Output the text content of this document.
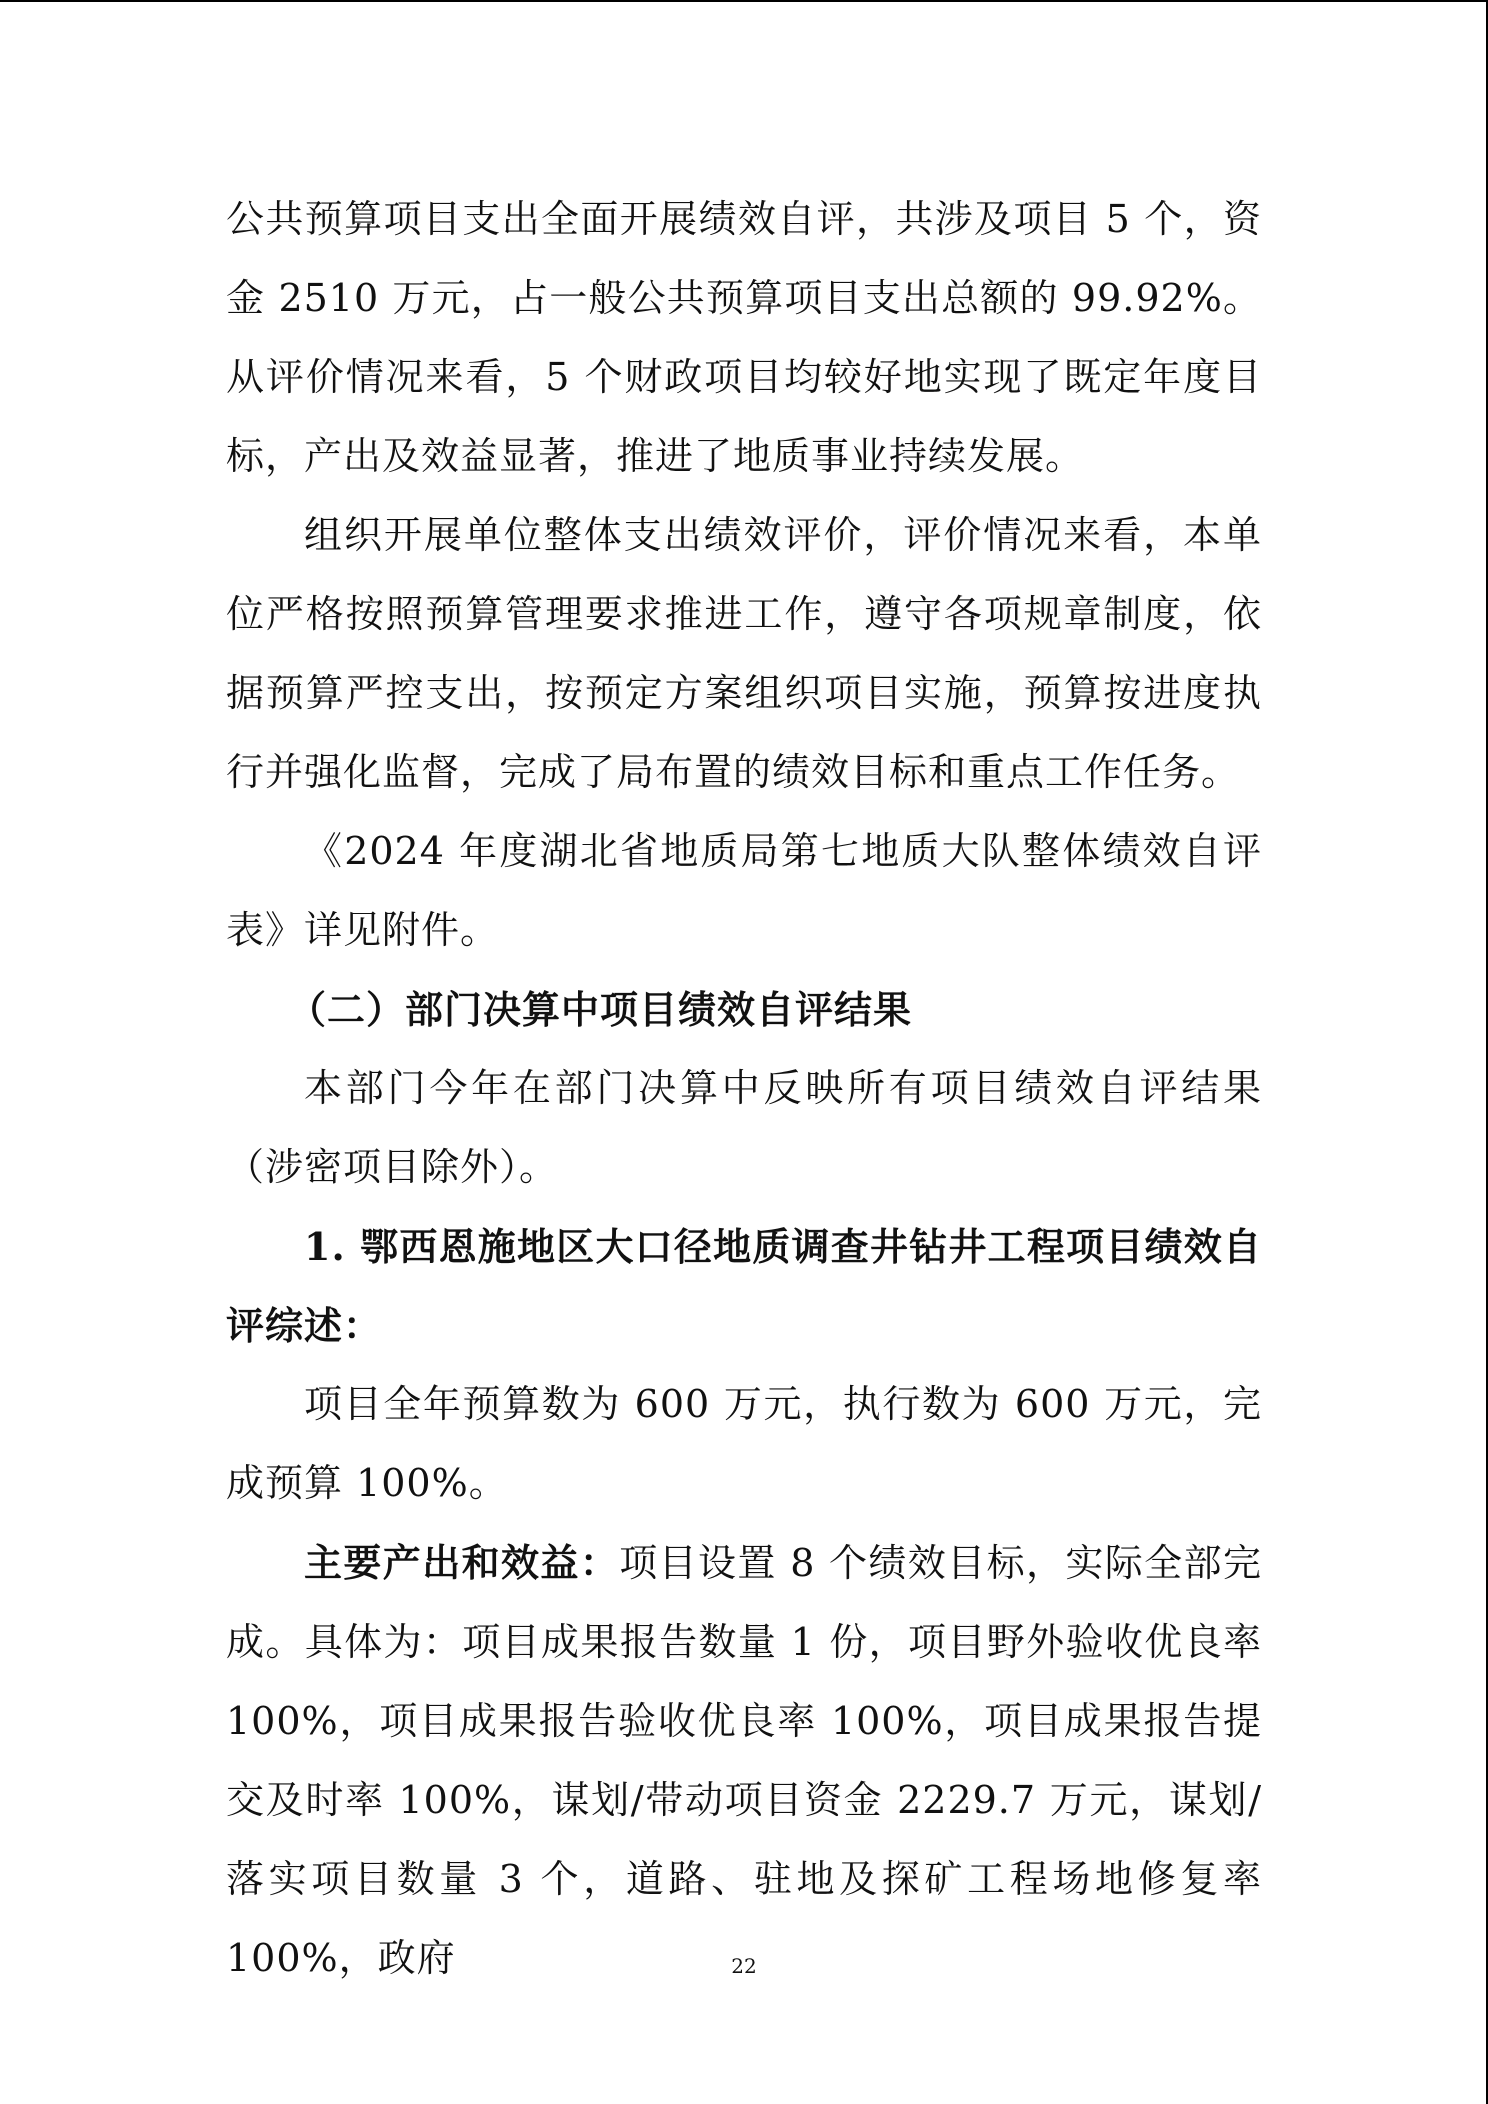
公共预算项目支出全面开展绩效自评，共涉及项目 5 个，资金 2510 万元，占一般公共预算项目支出总额的 99.92%。从评价情况来看，5 个财政项目均较好地实现了既定年度目标，产出及效益显著，推进了地质事业持续发展。

组织开展单位整体支出绩效评价，评价情况来看，本单位严格按照预算管理要求推进工作，遵守各项规章制度，依据预算严控支出，按预定方案组织项目实施，预算按进度执行并强化监督，完成了局布置的绩效目标和重点工作任务。

《2024 年度湖北省地质局第七地质大队整体绩效自评表》详见附件。

（二）部门决算中项目绩效自评结果

本部门今年在部门决算中反映所有项目绩效自评结果（涉密项目除外）。

1. 鄂西恩施地区大口径地质调查井钻井工程项目绩效自评综述：

项目全年预算数为 600 万元，执行数为 600 万元，完成预算 100%。

主要产出和效益：项目设置 8 个绩效目标，实际全部完成。具体为：项目成果报告数量 1 份，项目野外验收优良率 100%，项目成果报告验收优良率 100%，项目成果报告提交及时率 100%，谋划/带动项目资金 2229.7 万元，谋划/落实项目数量 3 个，道路、驻地及探矿工程场地修复率 100%，政府	22
